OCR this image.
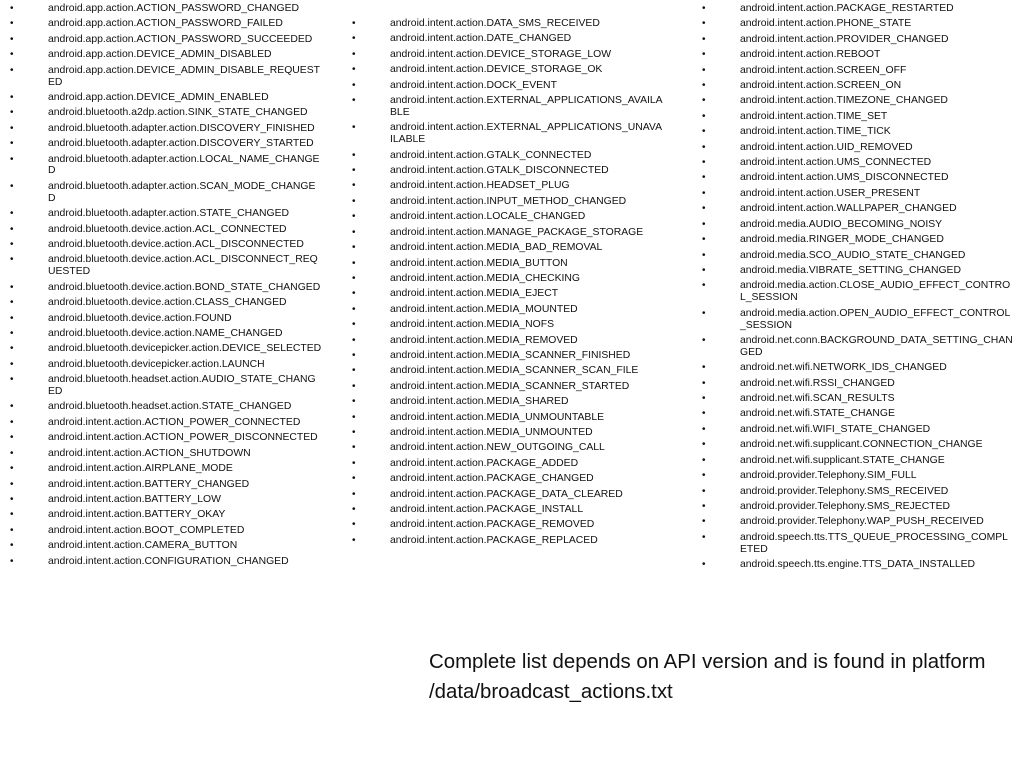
•	android.app.action.ACTION_PASSWORD_CHANGED
•	android.app.action.ACTION_PASSWORD_FAILED
•	android.app.action.ACTION_PASSWORD_SUCCEEDED
•	android.app.action.DEVICE_ADMIN_DISABLED
•	android.app.action.DEVICE_ADMIN_DISABLE_REQUESTED
•	android.app.action.DEVICE_ADMIN_ENABLED
•	android.bluetooth.a2dp.action.SINK_STATE_CHANGED
•	android.bluetooth.adapter.action.DISCOVERY_FINISHED
•	android.bluetooth.adapter.action.DISCOVERY_STARTED
•	android.bluetooth.adapter.action.LOCAL_NAME_CHANGED
•	android.bluetooth.adapter.action.SCAN_MODE_CHANGED
•	android.bluetooth.adapter.action.STATE_CHANGED
•	android.bluetooth.device.action.ACL_CONNECTED
•	android.bluetooth.device.action.ACL_DISCONNECTED
•	android.bluetooth.device.action.ACL_DISCONNECT_REQUESTED
•	android.bluetooth.device.action.BOND_STATE_CHANGED
•	android.bluetooth.device.action.CLASS_CHANGED
•	android.bluetooth.device.action.FOUND
•	android.bluetooth.device.action.NAME_CHANGED
•	android.bluetooth.devicepicker.action.DEVICE_SELECTED
•	android.bluetooth.devicepicker.action.LAUNCH
•	android.bluetooth.headset.action.AUDIO_STATE_CHANGED
•	android.bluetooth.headset.action.STATE_CHANGED
•	android.intent.action.ACTION_POWER_CONNECTED
•	android.intent.action.ACTION_POWER_DISCONNECTED
•	android.intent.action.ACTION_SHUTDOWN
•	android.intent.action.AIRPLANE_MODE
•	android.intent.action.BATTERY_CHANGED
•	android.intent.action.BATTERY_LOW
•	android.intent.action.BATTERY_OKAY
•	android.intent.action.BOOT_COMPLETED
•	android.intent.action.CAMERA_BUTTON
•	android.intent.action.CONFIGURATION_CHANGED
•	android.intent.action.DATA_SMS_RECEIVED
•	android.intent.action.DATE_CHANGED
•	android.intent.action.DEVICE_STORAGE_LOW
•	android.intent.action.DEVICE_STORAGE_OK
•	android.intent.action.DOCK_EVENT
•	android.intent.action.EXTERNAL_APPLICATIONS_AVAILABLE
•	android.intent.action.EXTERNAL_APPLICATIONS_UNAVAILABLE
•	android.intent.action.GTALK_CONNECTED
•	android.intent.action.GTALK_DISCONNECTED
•	android.intent.action.HEADSET_PLUG
•	android.intent.action.INPUT_METHOD_CHANGED
•	android.intent.action.LOCALE_CHANGED
•	android.intent.action.MANAGE_PACKAGE_STORAGE
•	android.intent.action.MEDIA_BAD_REMOVAL
•	android.intent.action.MEDIA_BUTTON
•	android.intent.action.MEDIA_CHECKING
•	android.intent.action.MEDIA_EJECT
•	android.intent.action.MEDIA_MOUNTED
•	android.intent.action.MEDIA_NOFS
•	android.intent.action.MEDIA_REMOVED
•	android.intent.action.MEDIA_SCANNER_FINISHED
•	android.intent.action.MEDIA_SCANNER_SCAN_FILE
•	android.intent.action.MEDIA_SCANNER_STARTED
•	android.intent.action.MEDIA_SHARED
•	android.intent.action.MEDIA_UNMOUNTABLE
•	android.intent.action.MEDIA_UNMOUNTED
•	android.intent.action.NEW_OUTGOING_CALL
•	android.intent.action.PACKAGE_ADDED
•	android.intent.action.PACKAGE_CHANGED
•	android.intent.action.PACKAGE_DATA_CLEARED
•	android.intent.action.PACKAGE_INSTALL
•	android.intent.action.PACKAGE_REMOVED
•	android.intent.action.PACKAGE_REPLACED
•	android.intent.action.PACKAGE_RESTARTED
•	android.intent.action.PHONE_STATE
•	android.intent.action.PROVIDER_CHANGED
•	android.intent.action.REBOOT
•	android.intent.action.SCREEN_OFF
•	android.intent.action.SCREEN_ON
•	android.intent.action.TIMEZONE_CHANGED
•	android.intent.action.TIME_SET
•	android.intent.action.TIME_TICK
•	android.intent.action.UID_REMOVED
•	android.intent.action.UMS_CONNECTED
•	android.intent.action.UMS_DISCONNECTED
•	android.intent.action.USER_PRESENT
•	android.intent.action.WALLPAPER_CHANGED
•	android.media.AUDIO_BECOMING_NOISY
•	android.media.RINGER_MODE_CHANGED
•	android.media.SCO_AUDIO_STATE_CHANGED
•	android.media.VIBRATE_SETTING_CHANGED
•	android.media.action.CLOSE_AUDIO_EFFECT_CONTROL_SESSION
•	android.media.action.OPEN_AUDIO_EFFECT_CONTROL_SESSION
•	android.net.conn.BACKGROUND_DATA_SETTING_CHANGED
•	android.net.wifi.NETWORK_IDS_CHANGED
•	android.net.wifi.RSSI_CHANGED
•	android.net.wifi.SCAN_RESULTS
•	android.net.wifi.STATE_CHANGE
•	android.net.wifi.WIFI_STATE_CHANGED
•	android.net.wifi.supplicant.CONNECTION_CHANGE
•	android.net.wifi.supplicant.STATE_CHANGE
•	android.provider.Telephony.SIM_FULL
•	android.provider.Telephony.SMS_RECEIVED
•	android.provider.Telephony.SMS_REJECTED
•	android.provider.Telephony.WAP_PUSH_RECEIVED
•	android.speech.tts.TTS_QUEUE_PROCESSING_COMPLETED
•	android.speech.tts.engine.TTS_DATA_INSTALLED
Complete list depends on API version and is found in platform /data/broadcast_actions.txt
